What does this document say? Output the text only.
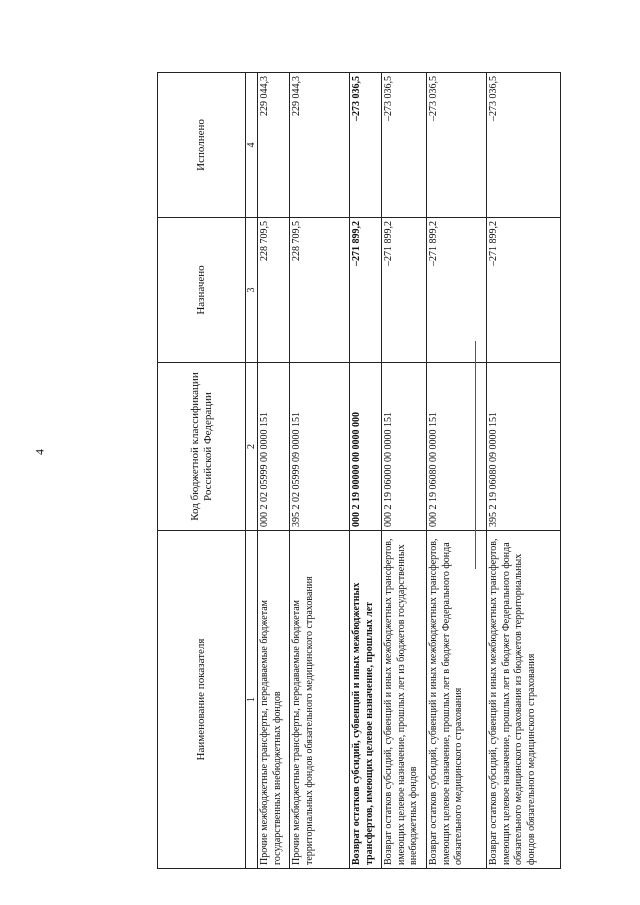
4
Наименование показателя	Код бюджетной классификации Российской Федерации	Назначено	Исполнено
1	2	3	4
Прочие межбюджетные трансферты, передаваемые бюджетам государственных внебюджетных фондов	000 2 02 05999 00 0000 151	228 709,5	229 044,3
Прочие межбюджетные трансферты, передаваемые бюджетам территориальных фондов обязательного медицинского страхования	395 2 02 05999 09 0000 151	228 709,5	229 044,3
Возврат остатков субсидий, субвенций и иных межбюджетных трансфертов, имеющих целевое назначение, прошлых лет	000 2 19 00000 00 0000 000	–271 899,2	–273 036,5
Возврат остатков субсидий, субвенций и иных межбюджетных трансфертов, имеющих целевое назначение, прошлых лет из бюджетов государственных внебюджетных фондов	000 2 19 06000 00 0000 151	–271 899,2	–273 036,5
Возврат остатков субсидий, субвенций и иных межбюджетных трансфертов, имеющих целевое назначение, прошлых лет в бюджет Федерального фонда обязательного медицинского страхования	000 2 19 06080 00 0000 151	–271 899,2	–273 036,5
Возврат остатков субсидий, субвенций и иных межбюджетных трансфертов, имеющих целевое назначение, прошлых лет в бюджет Федерального фонда обязательного медицинского страхования из бюджетов территориальных фондов обязательного медицинского страхования	395 2 19 06080 09 0000 151	–271 899,2	–273 036,5
